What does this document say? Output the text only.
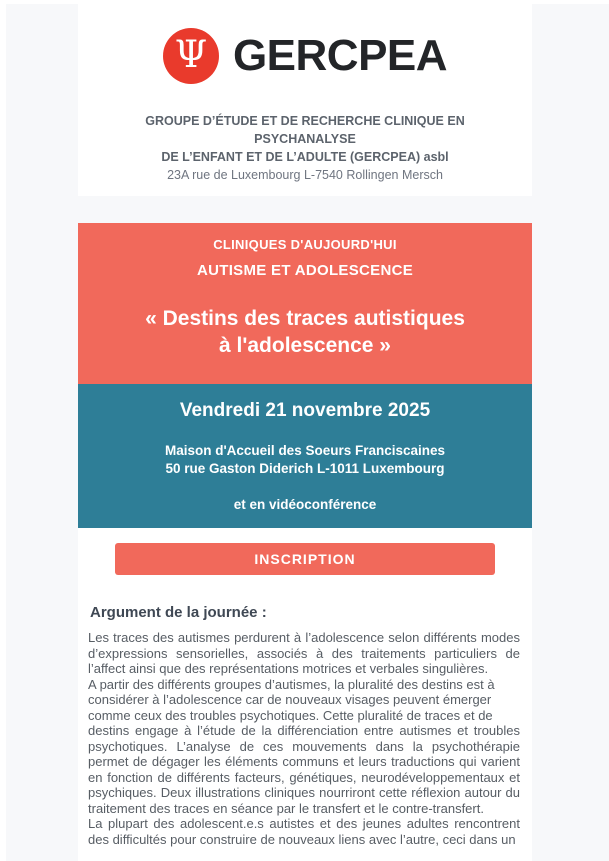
Ψ GERCPEA
GROUPE D’ÉTUDE ET DE RECHERCHE CLINIQUE EN
PSYCHANALYSE
DE L’ENFANT ET DE L’ADULTE (GERCPEA) asbl
23A rue de Luxembourg L-7540 Rollingen Mersch
CLINIQUES D'AUJOURD'HUI
AUTISME ET ADOLESCENCE
« Destins des traces autistiques
à l'adolescence »
Vendredi 21 novembre 2025
Maison d'Accueil des Soeurs Franciscaines
50 rue Gaston Diderich L-1011 Luxembourg
et en vidéoconférence
INSCRIPTION
Argument de la journée :

Les traces des autismes perdurent à l’adolescence selon différents modes d’expressions sensorielles, associés à des traitements particuliers de l’affect ainsi que des représentations motrices et verbales singulières.

A partir des différents groupes d’autismes, la pluralité des destins est à

considérer à l’adolescence car de nouveaux visages peuvent émerger

comme ceux des troubles psychotiques. Cette pluralité de traces et de

destins engage à l’étude de la différenciation entre autismes et troubles psychotiques. L’analyse de ces mouvements dans la psychothérapie permet de dégager les éléments communs et leurs traductions qui varient en fonction de différents facteurs, génétiques, neurodéveloppementaux et psychiques. Deux illustrations cliniques nourriront cette réflexion autour du traitement des traces en séance par le transfert et le contre-transfert.

La plupart des adolescent.e.s autistes et des jeunes adultes rencontrent des difficultés pour construire de nouveaux liens avec l’autre, ceci dans un
